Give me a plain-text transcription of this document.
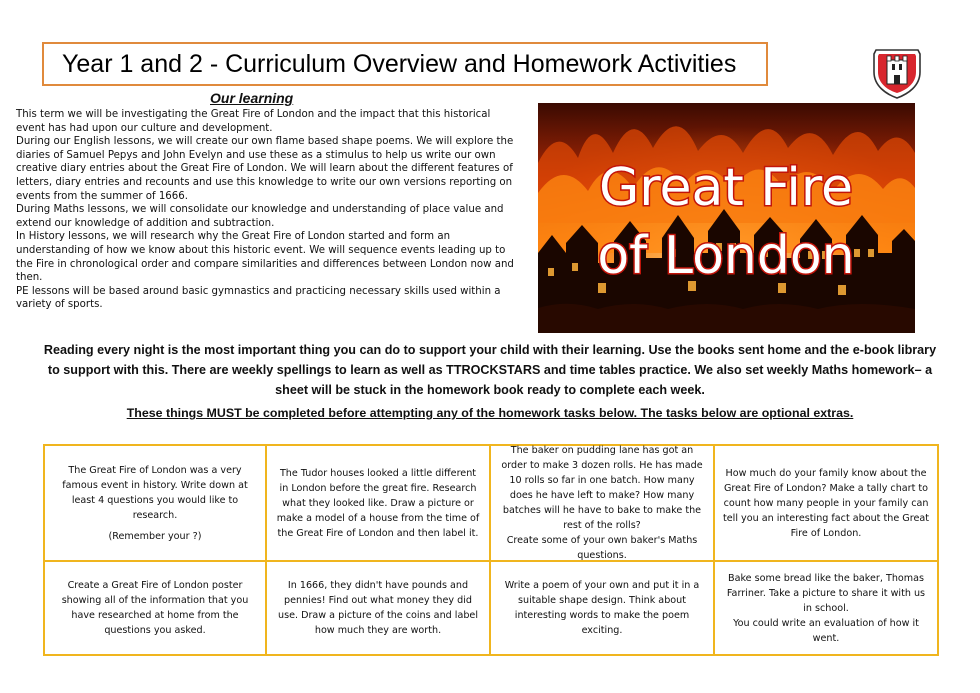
Year 1 and 2 - Curriculum Overview and Homework Activities
Our learning

This term we will be investigating the Great Fire of London and the impact that this historical event has had upon our culture and development.

During our English lessons, we will create our own flame based shape poems. We will explore the diaries of Samuel Pepys and John Evelyn and use these as a stimulus to help us write our own creative diary entries about the Great Fire of London. We will learn about the different features of letters, diary entries and recounts and use this knowledge to write our own versions reporting on events from the summer of 1666.

During Maths lessons, we will consolidate our knowledge and understanding of place value and extend our knowledge of addition and subtraction.

In History lessons, we will research why the Great Fire of London started and form an understanding of how we know about this historic event. We will sequence events leading up to the Fire in chronological order and compare similarities and differences between London now and then.

PE lessons will be based around basic gymnastics and practicing necessary skills used within a variety of sports.

Great Fire
of London
Reading every night is the most important thing you can do to support your child with their learning. Use the books sent home and the e-book library to support with this. There are weekly spellings to learn as well as TTROCKSTARS and time tables practice. We also set weekly Maths homework– a sheet will be stuck in the homework book ready to complete each week.
These things MUST be completed before attempting any of the homework tasks below. The tasks below are optional extras.

The Great Fire of London was a very famous event in history. Write down at least 4 questions you would like to research.

(Remember your ?)

The Tudor houses looked a little different in London before the great fire. Research what they looked like. Draw a picture or make a model of a house from the time of the Great Fire of London and then label it.

The baker on pudding lane has got an order to make 3 dozen rolls. He has made 10 rolls so far in one batch. How many does he have left to make? How many batches will he have to bake to make the rest of the rolls?

Create some of your own baker's Maths questions.

How much do your family know about the Great Fire of London? Make a tally chart to count how many people in your family can tell you an interesting fact about the Great Fire of London.

Create a Great Fire of London poster showing all of the information that you have researched at home from the questions you asked.

In 1666, they didn't have pounds and pennies! Find out what money they did use. Draw a picture of the coins and label how much they are worth.

Write a poem of your own and put it in a suitable shape design. Think about interesting words to make the poem exciting.

Bake some bread like the baker, Thomas Farriner. Take a picture to share it with us in school.

You could write an evaluation of how it went.
